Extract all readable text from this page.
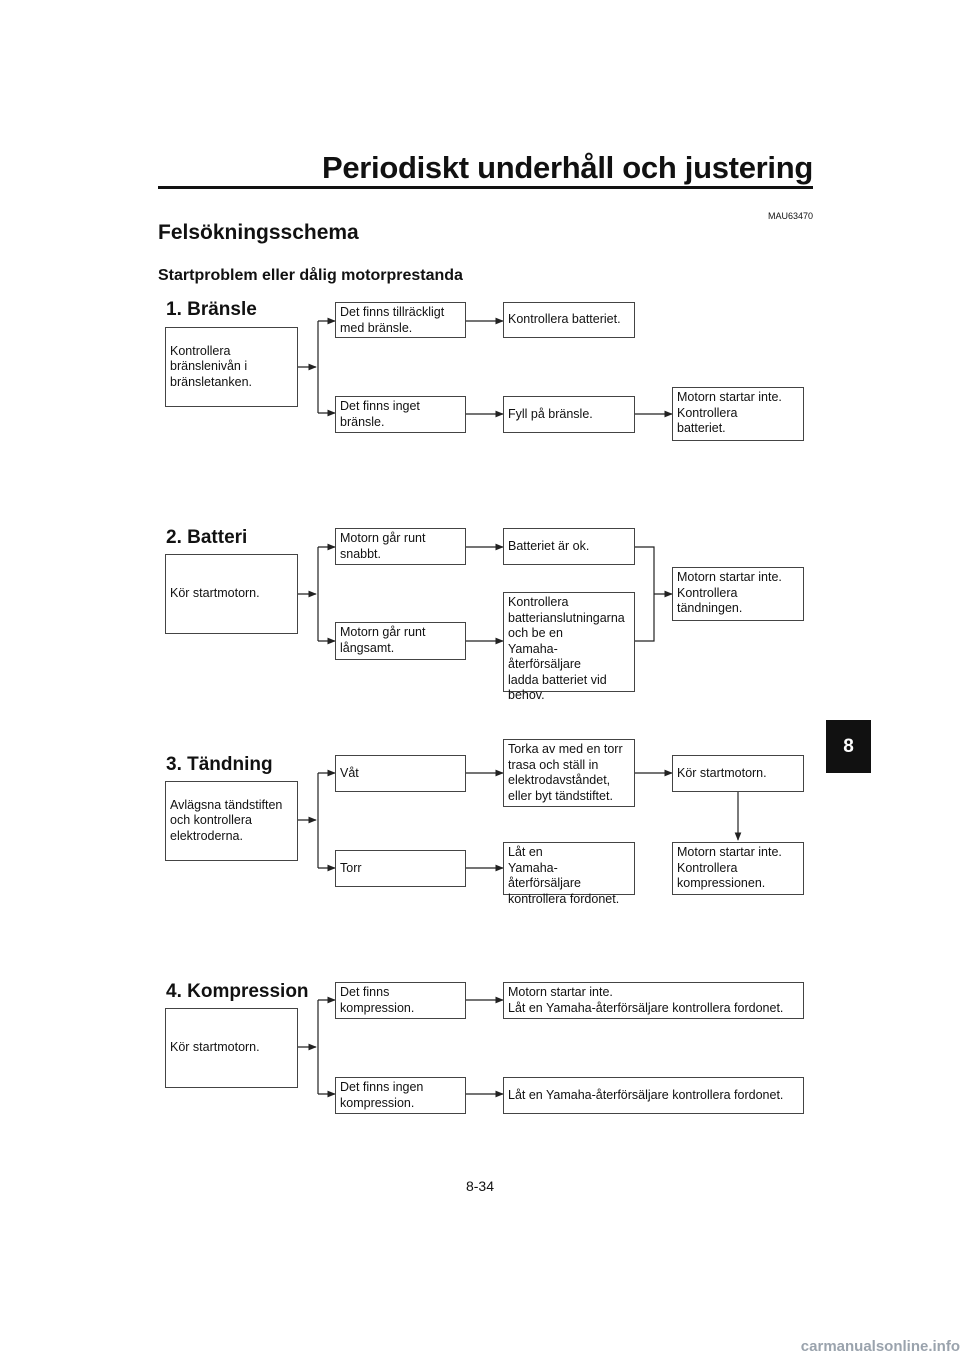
Periodiskt underhåll och justering
MAU63470
Felsökningsschema
Startproblem eller dålig motorprestanda
1. Bränsle
Kontrollera
bränslenivån i
bränsletanken.
Det finns tillräckligt
med bränsle.
Kontrollera batteriet.
Det finns inget
bränsle.
Fyll på bränsle.
Motorn startar inte.
Kontrollera
batteriet.
2. Batteri
Kör startmotorn.
Motorn går runt
snabbt.
Batteriet är ok.
Motorn går runt
långsamt.
Kontrollera
batterianslutningarna
och be en
Yamaha-återförsäljare
ladda batteriet vid
behov.
Motorn startar inte.
Kontrollera
tändningen.
3. Tändning
Avlägsna tändstiften
och kontrollera
elektroderna.
Våt
Torka av med en torr
trasa och ställ in
elektrodavståndet,
eller byt tändstiftet.
Kör startmotorn.
Torr
Låt en
Yamaha-återförsäljare
kontrollera fordonet.
Motorn startar inte.
Kontrollera
kompressionen.
4. Kompression
Kör startmotorn.
Det finns
kompression.
Motorn startar inte.
Låt en Yamaha-återförsäljare kontrollera fordonet.
Det finns ingen
kompression.
Låt en Yamaha-återförsäljare kontrollera fordonet.
8
8-34
carmanualsonline.info
